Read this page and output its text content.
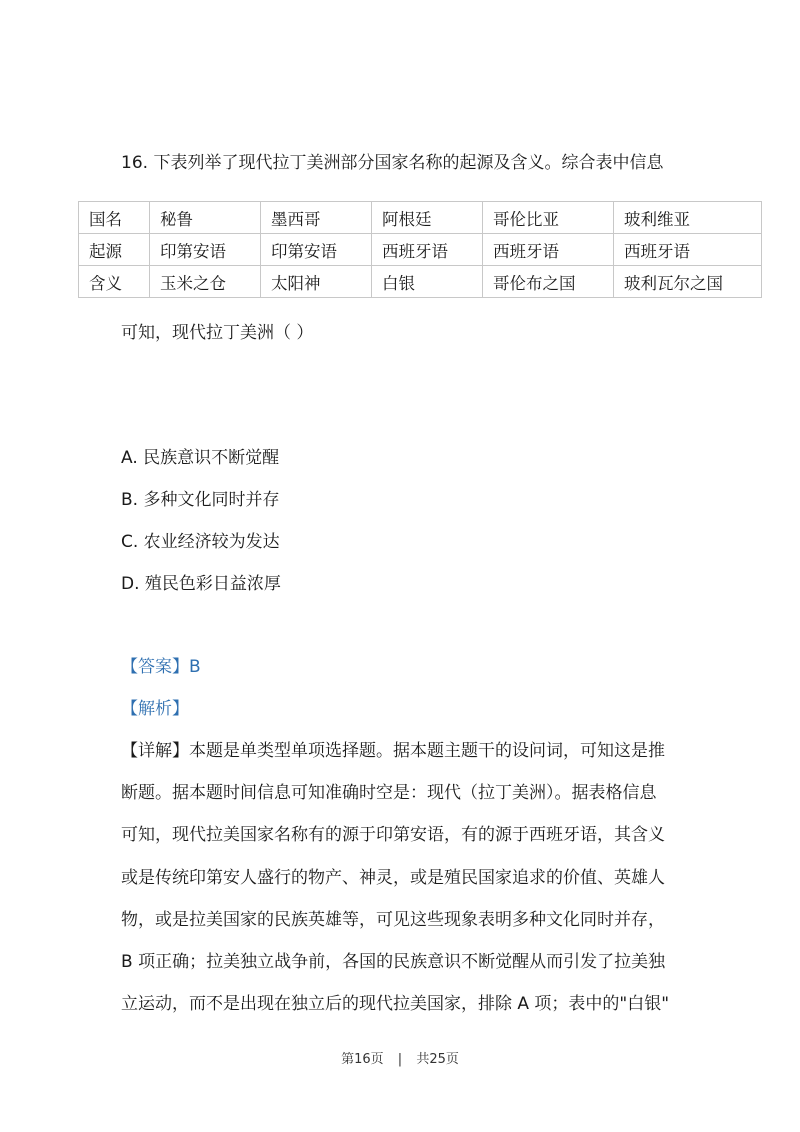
16. 下表列举了现代拉丁美洲部分国家名称的起源及含义。综合表中信息
国名	秘鲁	墨西哥	阿根廷	哥伦比亚	玻利维亚
起源	印第安语	印第安语	西班牙语	西班牙语	西班牙语
含义	玉米之仓	太阳神	白银	哥伦布之国	玻利瓦尔之国
可知，现代拉丁美洲（ ）
A. 民族意识不断觉醒
B. 多种文化同时并存
C. 农业经济较为发达
D. 殖民色彩日益浓厚
【答案】B
【解析】
【详解】本题是单类型单项选择题。据本题主题干的设问词，可知这是推
断题。据本题时间信息可知准确时空是：现代（拉丁美洲）。据表格信息
可知，现代拉美国家名称有的源于印第安语，有的源于西班牙语，其含义
或是传统印第安人盛行的物产、神灵，或是殖民国家追求的价值、英雄人
物，或是拉美国家的民族英雄等，可见这些现象表明多种文化同时并存，
B 项正确；拉美独立战争前，各国的民族意识不断觉醒从而引发了拉美独
立运动，而不是出现在独立后的现代拉美国家，排除 A 项；表中的"白银"
第16页 | 共25页
